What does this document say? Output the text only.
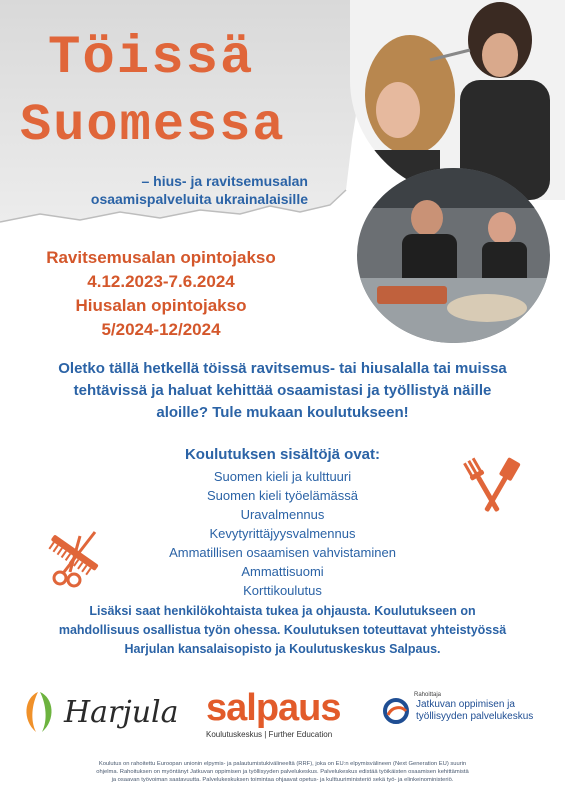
Töissä
Suomessa

– hius- ja ravitsemusalan
osaamispalveluita ukrainalaisille

Ravitsemusalan opintojakso
4.12.2023-7.6.2024
Hiusalan opintojakso
5/2024-12/2024
Oletko tällä hetkellä töissä ravitsemus- tai hiusalalla tai muissa
tehtävissä ja haluat kehittää osaamistasi ja työllistyä näille
aloille? Tule mukaan koulutukseen!
Koulutuksen sisältöjä ovat:
Suomen kieli ja kulttuuri
Suomen kieli työelämässä
Uravalmennus
Kevytyrittäjyysvalmennus
Ammatillisen osaamisen vahvistaminen
Ammattisuomi
Korttikoulutus
Lisäksi saat henkilökohtaista tukea ja ohjausta. Koulutukseen on
mahdollisuus osallistua työn ohessa. Koulutuksen toteuttavat yhteistyössä
Harjulan kansalaisopisto ja Koulutuskeskus Salpaus.
Harjula salpaus
Koulutuskeskus | Further Education
Rahoittaja
Jatkuvan oppimisen ja
työllisyyden palvelukeskus
Koulutus on rahoitettu Euroopan unionin elpymis- ja palautumistukivälineeltä (RRF), joka on EU:n elpymisvälineen (Next Generation EU) suurin
ohjelma. Rahoituksen on myöntänyt Jatkuvan oppimisen ja työllisyyden palvelukeskus. Palvelukeskus edistää työikäisten osaamisen kehittämistä
ja osaavan työvoiman saatavuutta. Palvelukeskuksen toimintaa ohjaavat opetus- ja kulttuuriministeriö sekä työ- ja elinkeinoministeriö.
